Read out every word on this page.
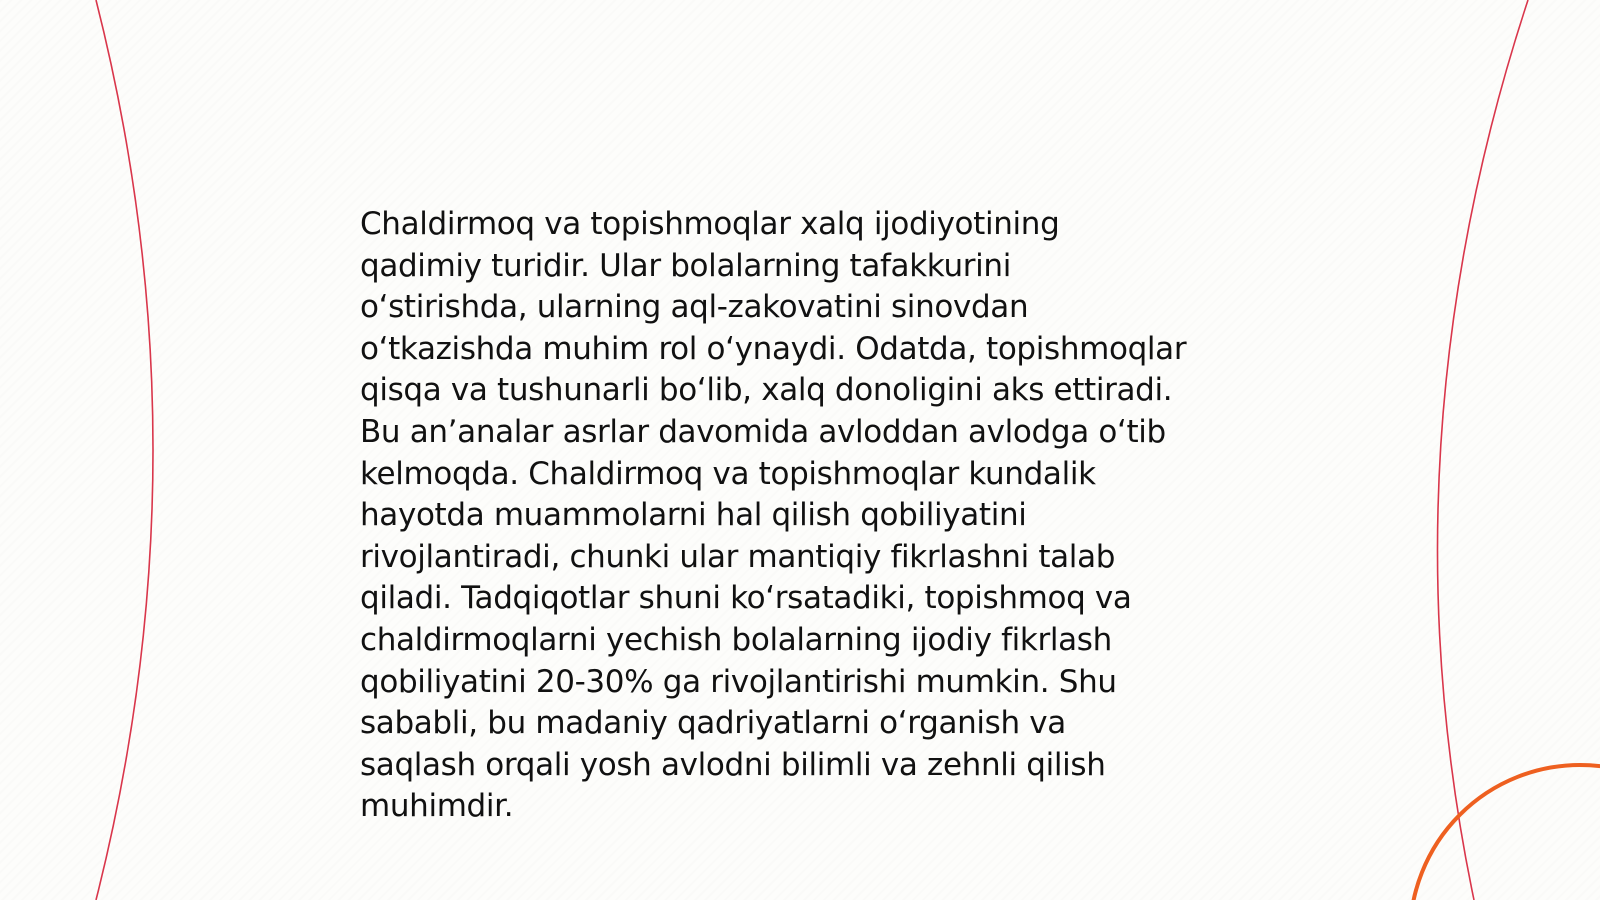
Chaldirmoq va topishmoqlar xalq ijodiyotining
qadimiy turidir. Ular bolalarning tafakkurini
o‘stirishda, ularning aql-zakovatini sinovdan
o‘tkazishda muhim rol o‘ynaydi. Odatda, topishmoqlar
qisqa va tushunarli bo‘lib, xalq donoligini aks ettiradi.
Bu an’analar asrlar davomida avloddan avlodga o‘tib
kelmoqda. Chaldirmoq va topishmoqlar kundalik
hayotda muammolarni hal qilish qobiliyatini
rivojlantiradi, chunki ular mantiqiy fikrlashni talab
qiladi. Tadqiqotlar shuni ko‘rsatadiki, topishmoq va
chaldirmoqlarni yechish bolalarning ijodiy fikrlash
qobiliyatini 20-30% ga rivojlantirishi mumkin. Shu
sababli, bu madaniy qadriyatlarni o‘rganish va
saqlash orqali yosh avlodni bilimli va zehnli qilish
muhimdir.
